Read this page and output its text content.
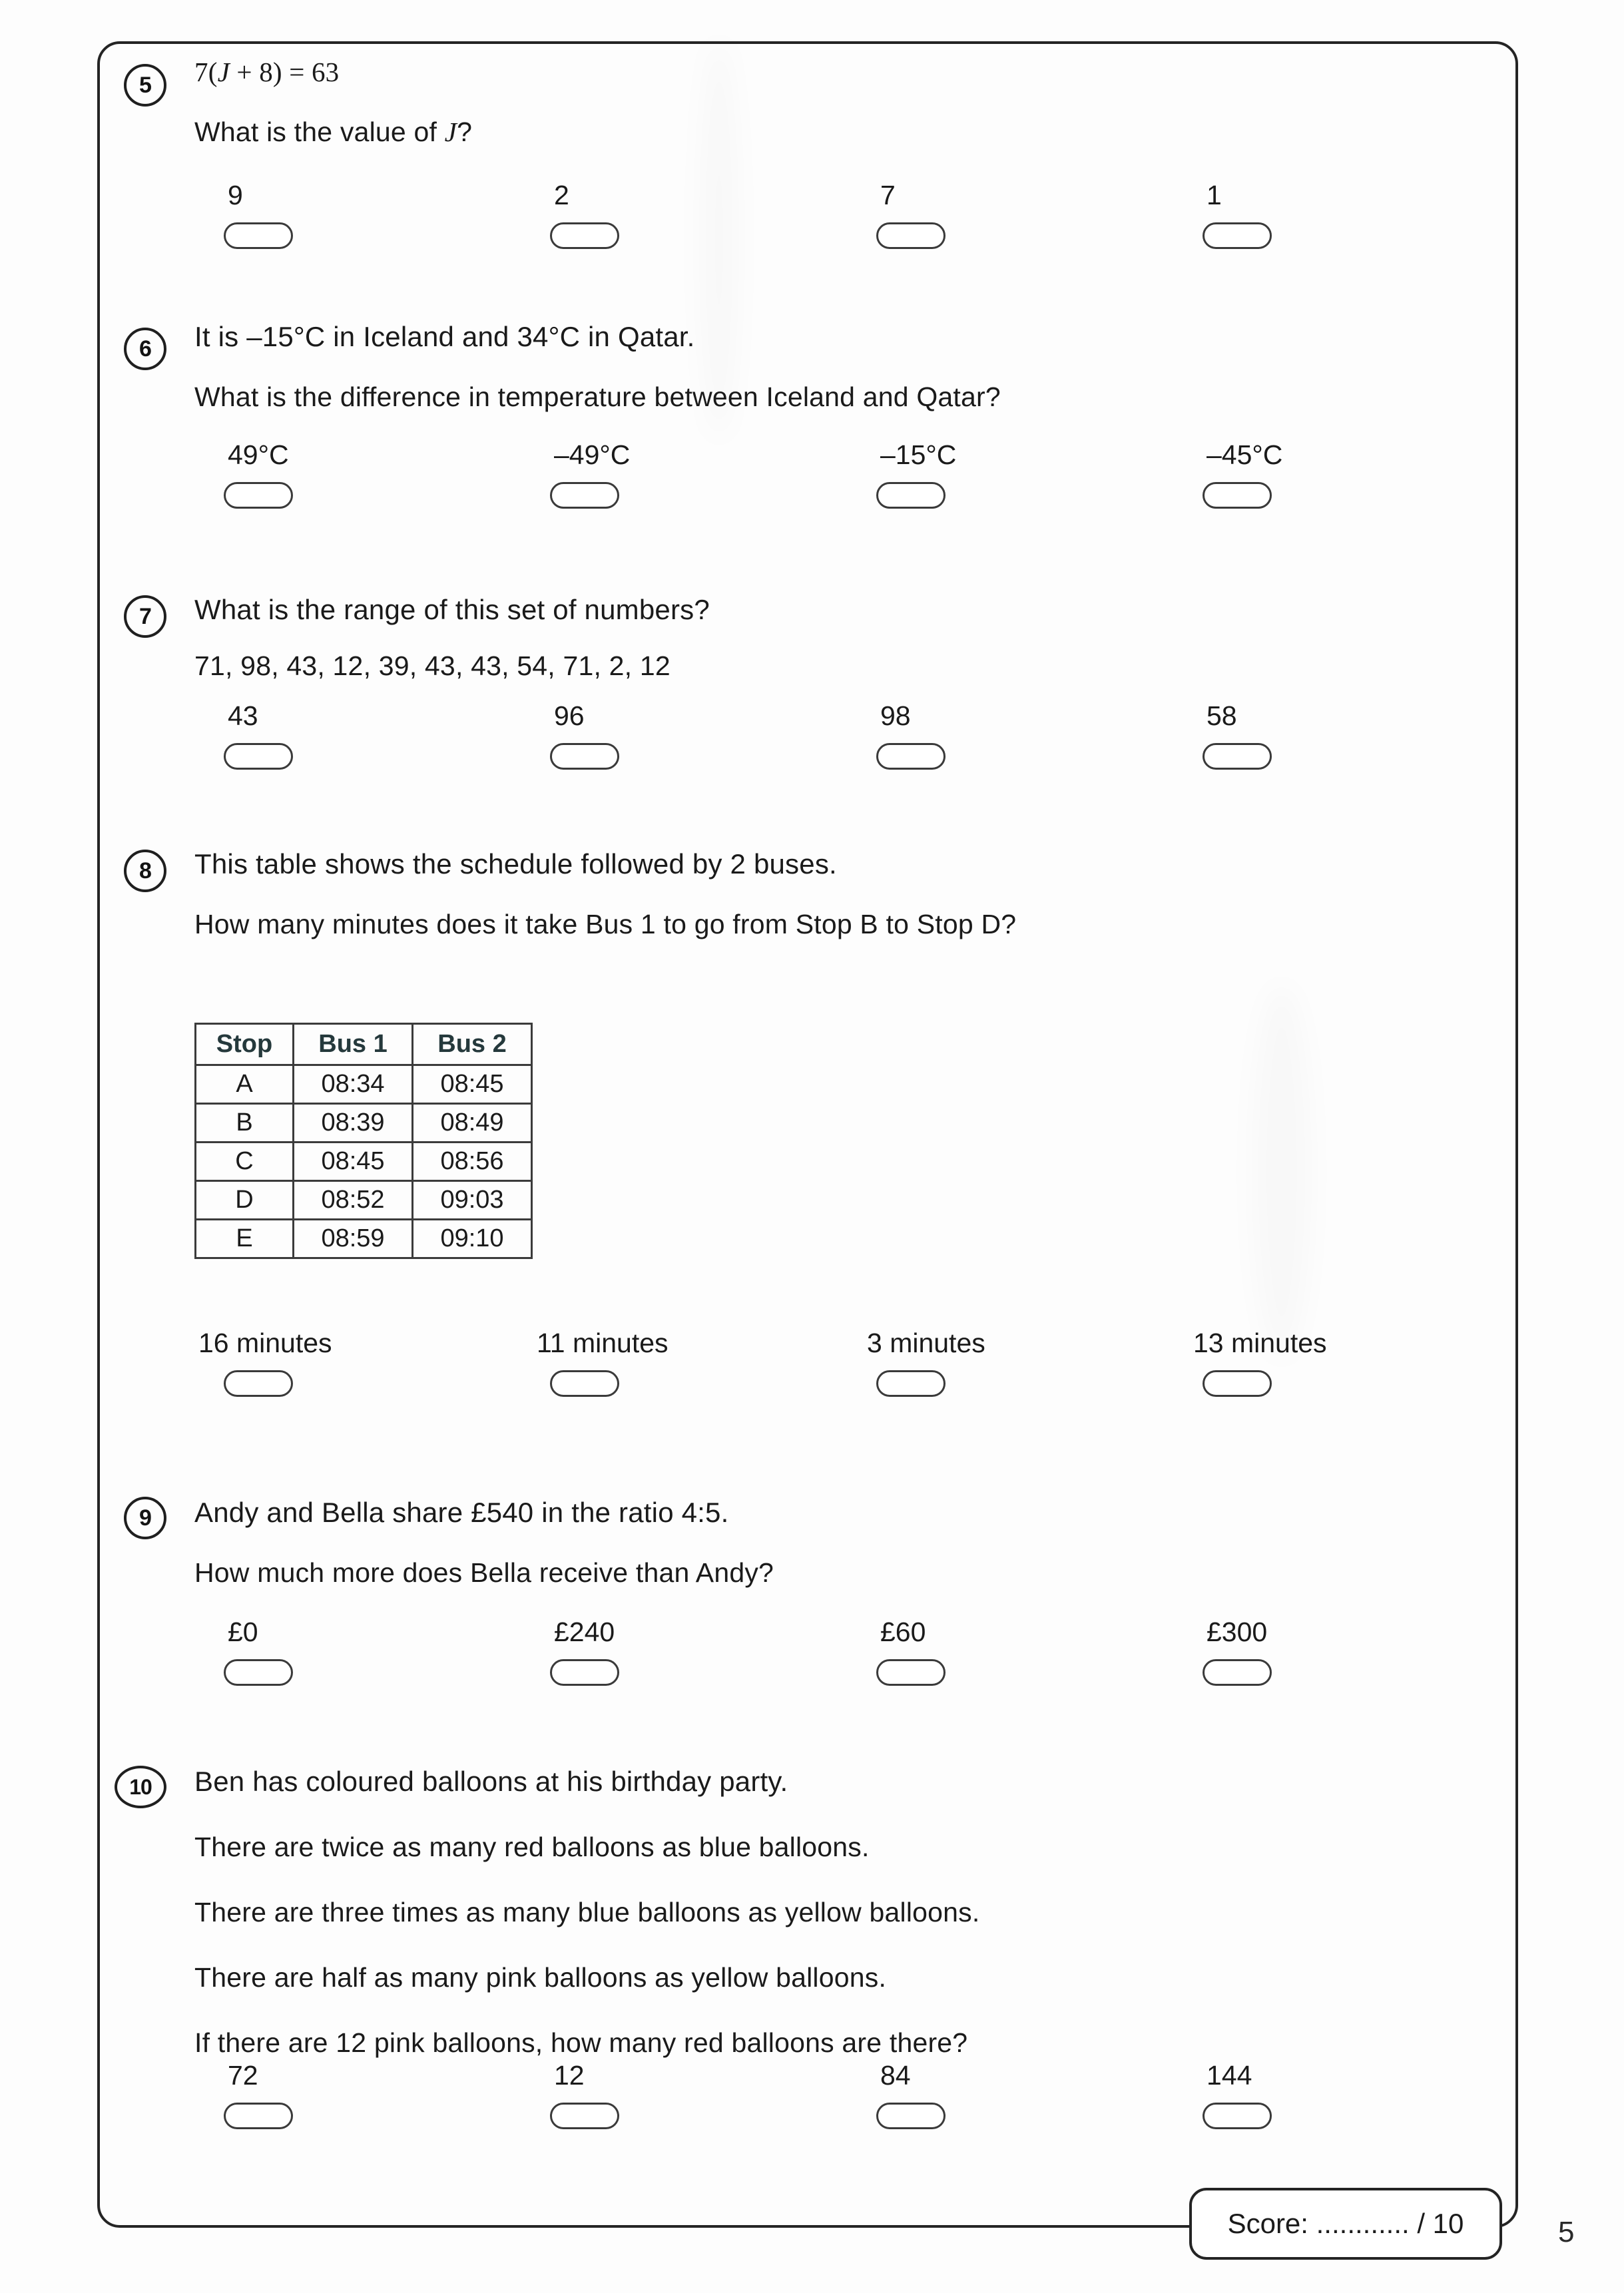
5 7(J + 8) = 63
What is the value of J?
9	2	7	1
6 It is –15°C in Iceland and 34°C in Qatar.
What is the difference in temperature between Iceland and Qatar?
49°C	–49°C	–15°C	–45°C
7 What is the range of this set of numbers?
71, 98, 43, 12, 39, 43, 43, 54, 71, 2, 12
43	96	98	58
8 This table shows the schedule followed by 2 buses.
How many minutes does it take Bus 1 to go from Stop B to Stop D?
Stop	Bus 1	Bus 2
A	08:34	08:45
B	08:39	08:49
C	08:45	08:56
D	08:52	09:03
E	08:59	09:10
16 minutes	11 minutes	3 minutes	13 minutes
9 Andy and Bella share £540 in the ratio 4:5.
How much more does Bella receive than Andy?
£0	£240	£60	£300
10 Ben has coloured balloons at his birthday party.
There are twice as many red balloons as blue balloons.
There are three times as many blue balloons as yellow balloons.
There are half as many pink balloons as yellow balloons.
If there are 12 pink balloons, how many red balloons are there?
72	12	84	144
Score:
............
/ 10	5
